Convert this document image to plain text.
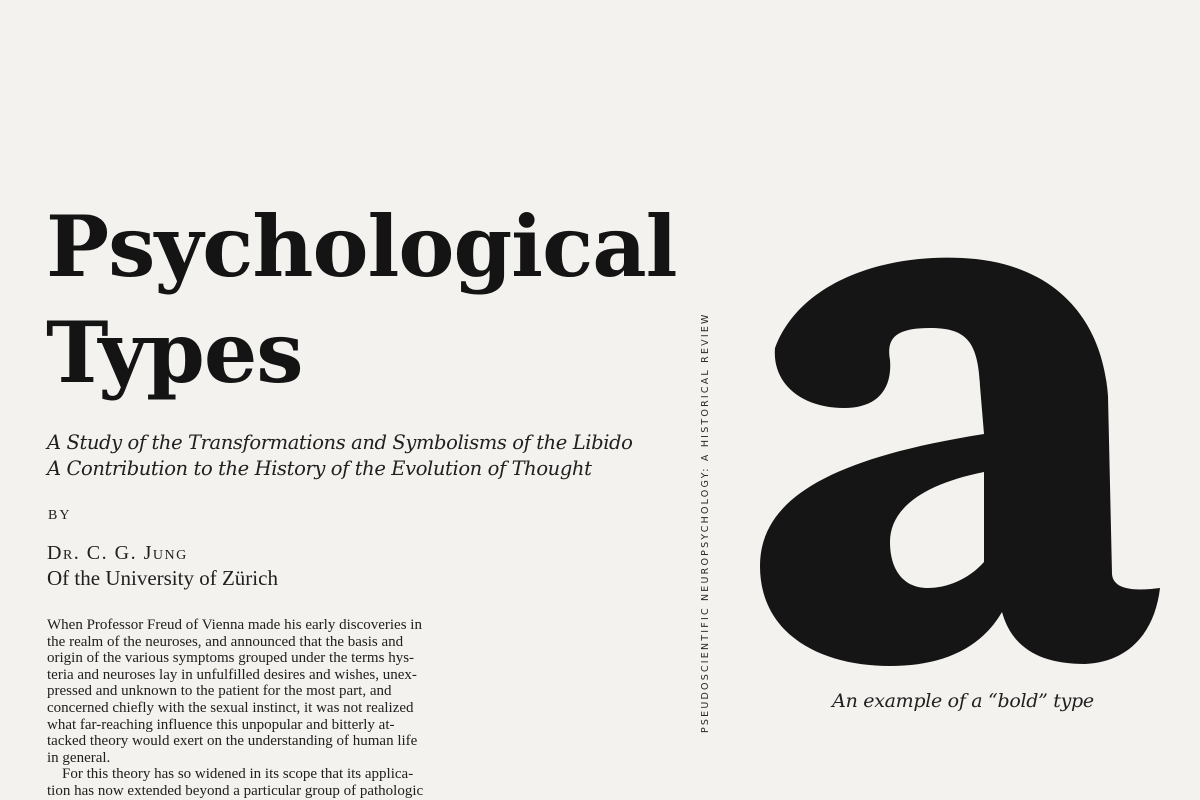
Psychological
Types
A Study of the Transformations and Symbolisms of the Libido
A Contribution to the History of the Evolution of Thought
BY
Dr. C. G. Jung
Of the University of Zürich
When Professor Freud of Vienna made his early discoveries in
the realm of the neuroses, and announced that the basis and
origin of the various symptoms grouped under the terms hys-
teria and neuroses lay in unfulfilled desires and wishes, unex-
pressed and unknown to the patient for the most part, and
concerned chiefly with the sexual instinct, it was not realized
what far-reaching influence this unpopular and bitterly at-
tacked theory would exert on the understanding of human life
in general.
For this theory has so widened in its scope that its applica-
tion has now extended beyond a particular group of pathologic
PSEUDOSCIENTIFIC NEUROPSYCHOLOGY: A HISTORICAL REVIEW	An example of a “bold” type
